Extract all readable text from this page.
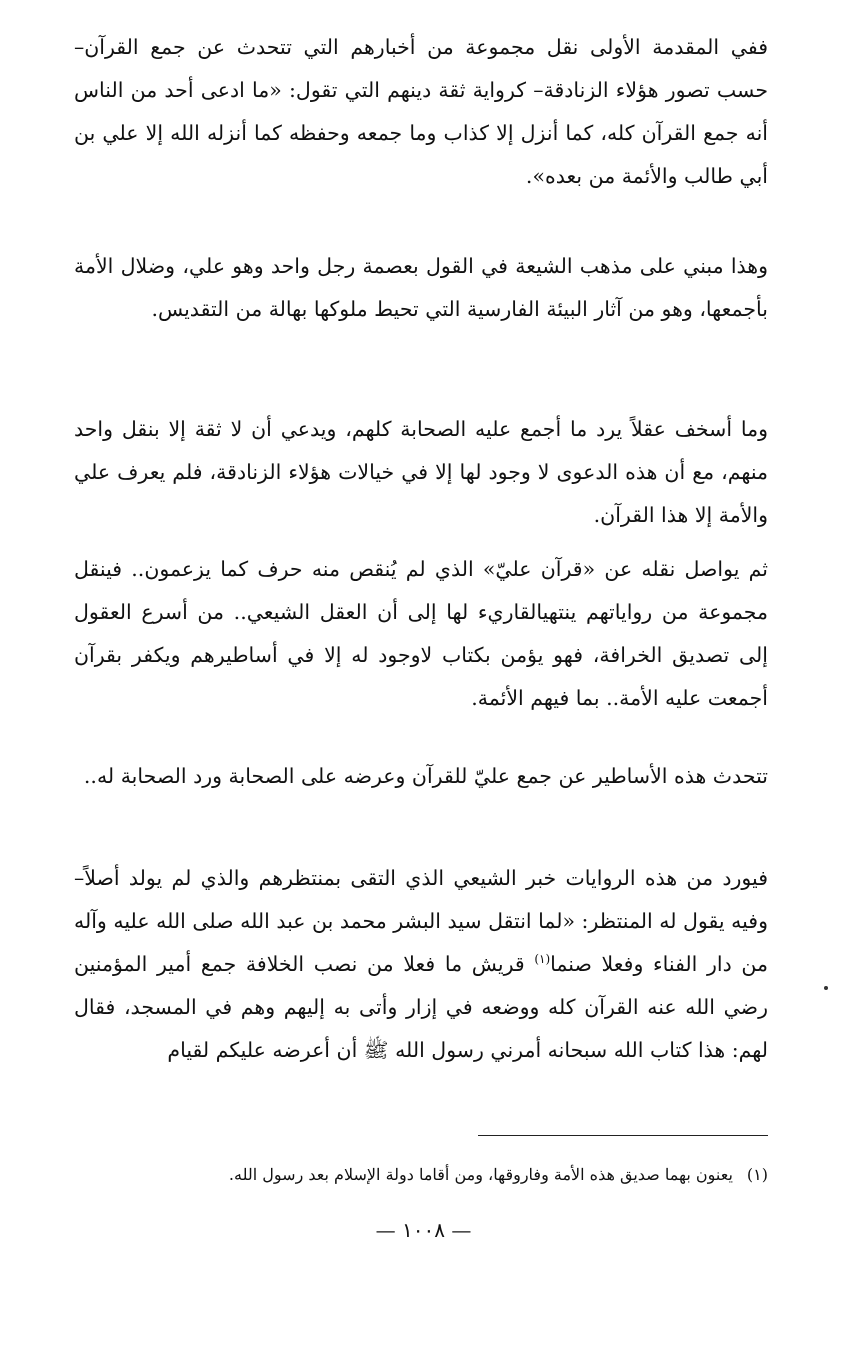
ففي المقدمة الأولى نقل مجموعة من أخبارهم التي تتحدث عن جمع القرآن– حسب تصور هؤلاء الزنادقة– كرواية ثقة دينهم التي تقول: «ما ادعى أحد من الناس أنه جمع القرآن كله، كما أنزل إلا كذاب وما جمعه وحفظه كما أنزله الله إلا علي بن أبي طالب والأئمة من بعده».

وهذا مبني على مذهب الشيعة في القول بعصمة رجل واحد وهو علي، وضلال الأمة بأجمعها، وهو من آثار البيئة الفارسية التي تحيط ملوكها بهالة من التقديس.

وما أسخف عقلاً يرد ما أجمع عليه الصحابة كلهم، ويدعي أن لا ثقة إلا بنقل واحد منهم، مع أن هذه الدعوى لا وجود لها إلا في خيالات هؤلاء الزنادقة، فلم يعرف علي والأمة إلا هذا القرآن.

ثم يواصل نقله عن «قرآن عليّ» الذي لم يُنقص منه حرف كما يزعمون.. فينقل مجموعة من رواياتهم ينتهيالقاريء لها إلى أن العقل الشيعي.. من أسرع العقول إلى تصديق الخرافة، فهو يؤمن بكتاب لاوجود له إلا في أساطيرهم ويكفر بقرآن أجمعت عليه الأمة.. بما فيهم الأئمة.

تتحدث هذه الأساطير عن جمع عليّ للقرآن وعرضه على الصحابة ورد الصحابة له..

فيورد من هذه الروايات خبر الشيعي الذي التقى بمنتظرهم والذي لم يولد أصلاً– وفيه يقول له المنتظر: «لما انتقل سيد البشر محمد بن عبد الله صلى الله عليه وآله من دار الفناء وفعلا صنما$^{(١)}$ قريش ما فعلا من نصب الخلافة جمع أمير المؤمنين رضي الله عنه القرآن كله ووضعه في إزار وأتى به إليهم وهم في المسجد، فقال لهم: هذا كتاب الله سبحانه أمرني رسول الله ﷺ أن أعرضه عليكم لقيام

(١)يعنون بهما صديق هذه الأمة وفاروقها، ومن أقاما دولة الإسلام بعد رسول الله.

— ١٠٠٨ —
